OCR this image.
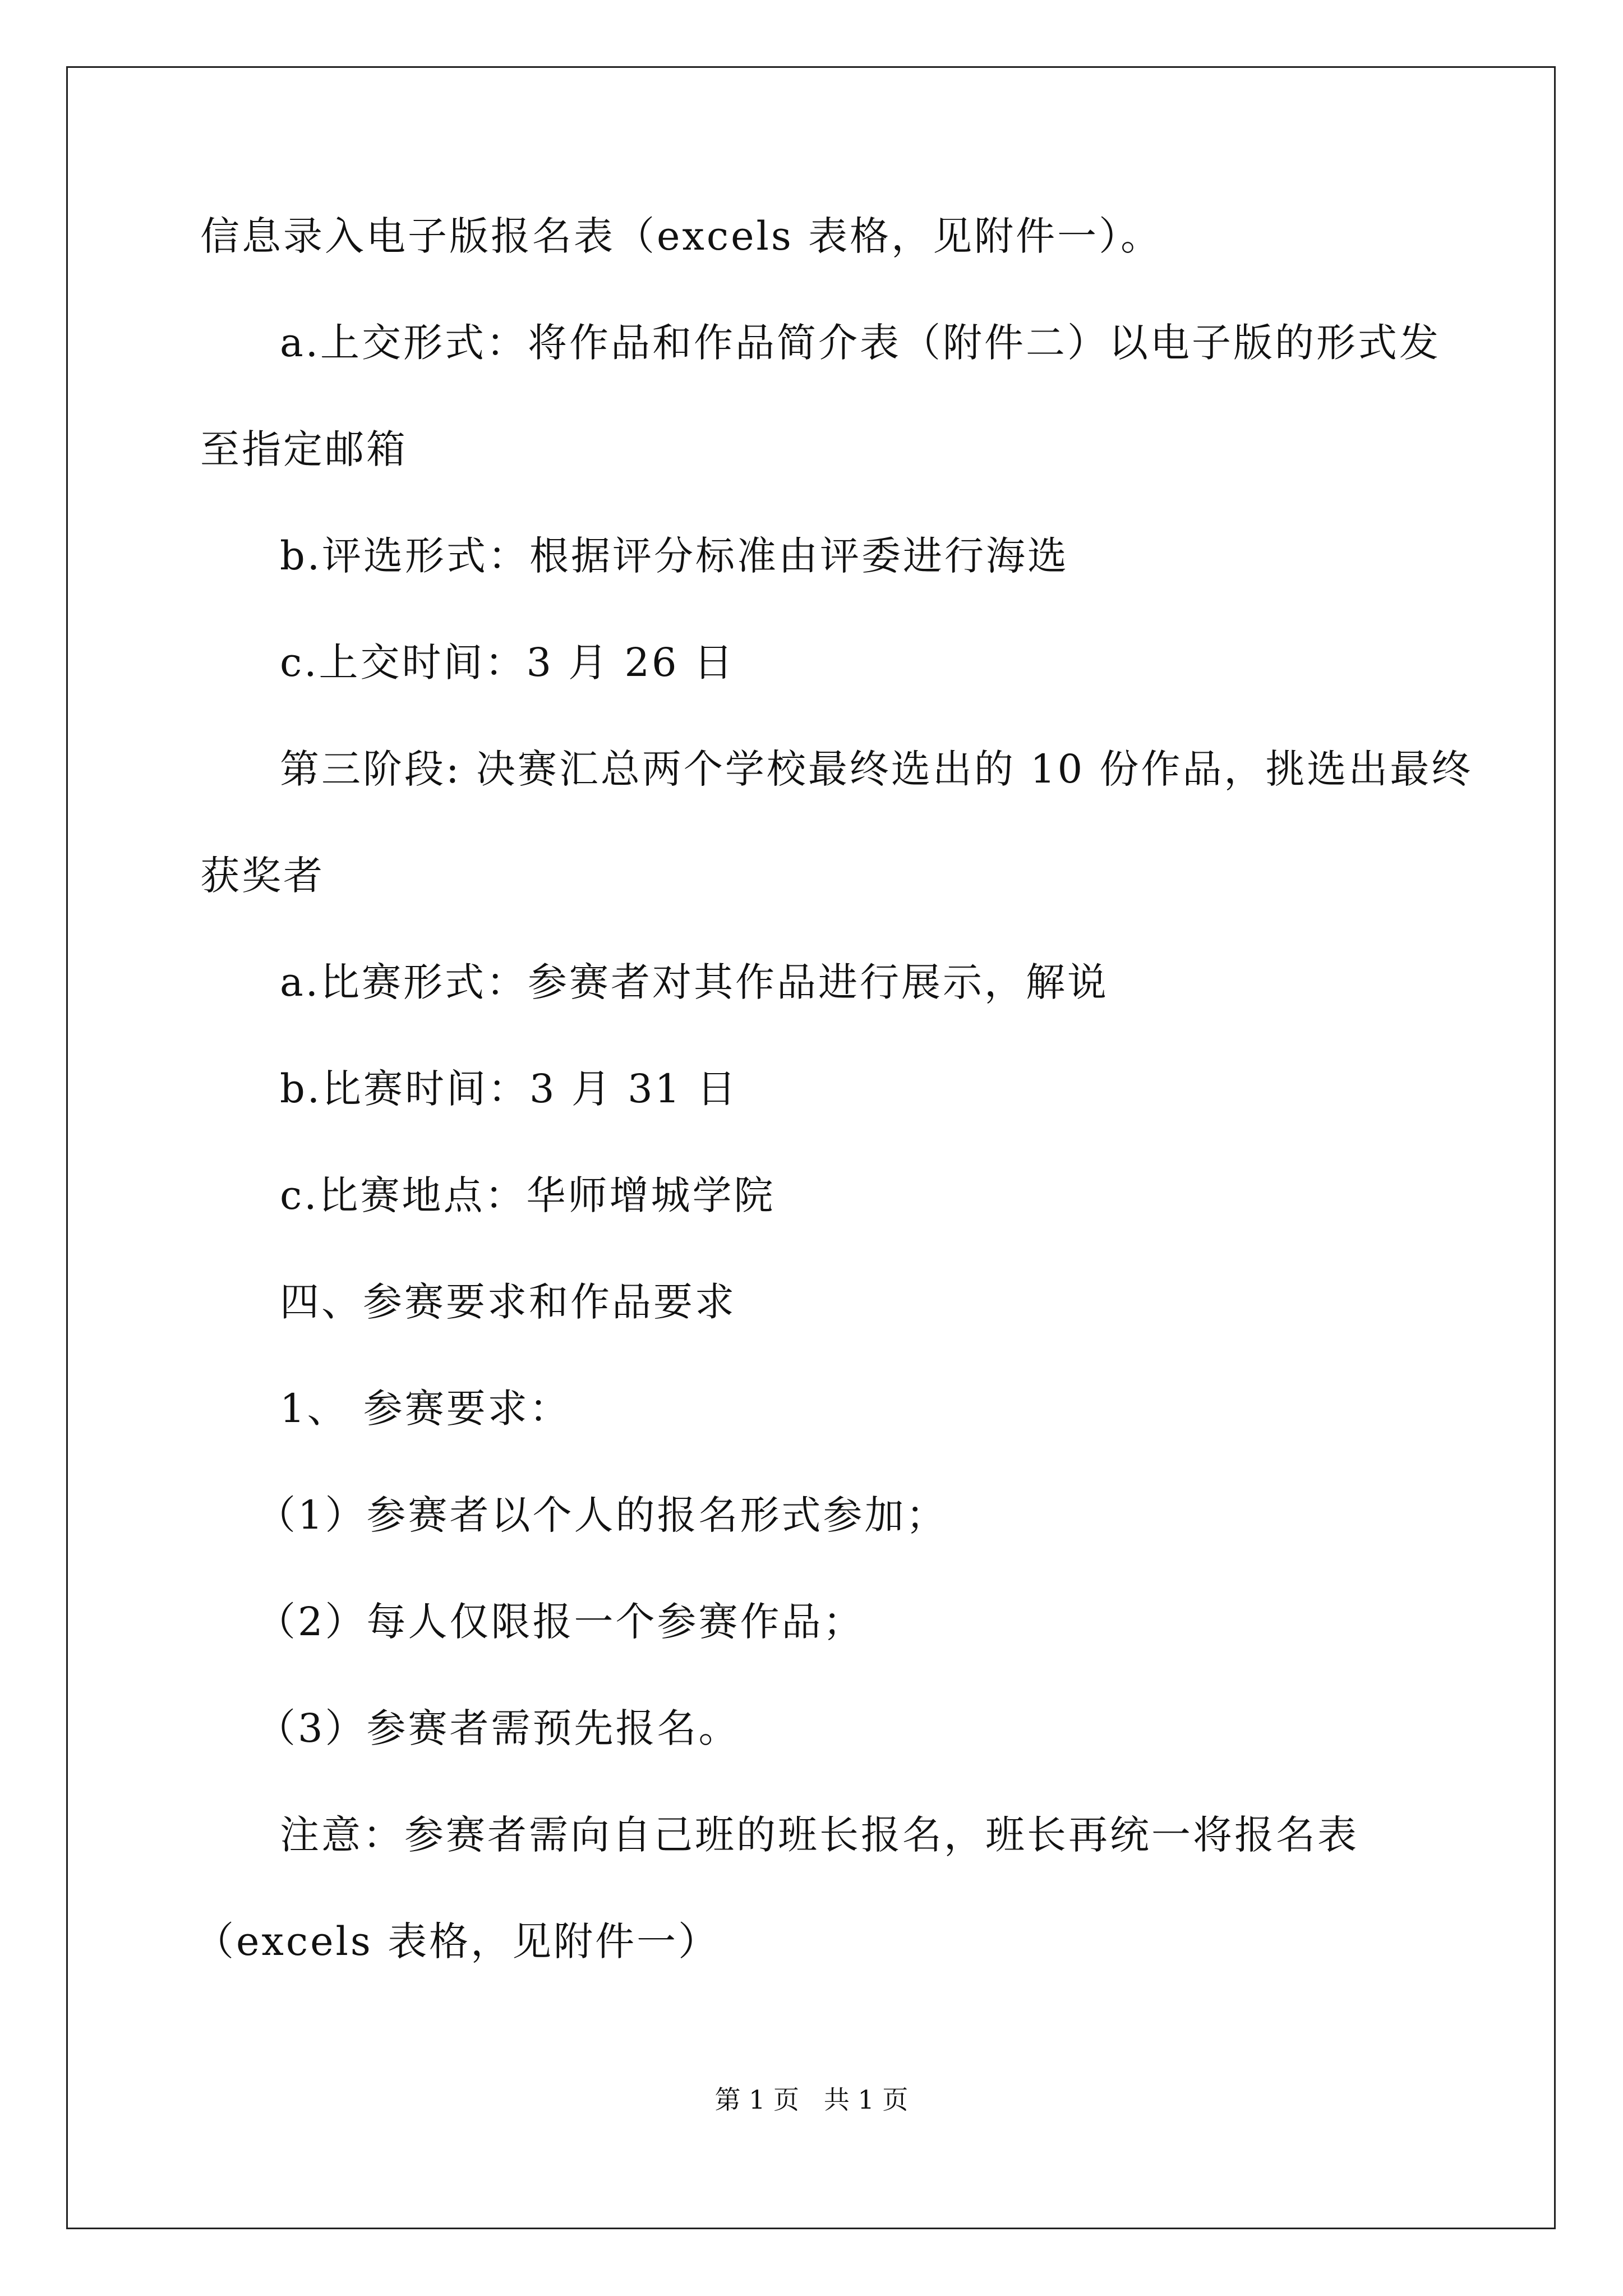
信息录入电子版报名表（excels 表格，见附件一）。
a.上交形式：将作品和作品简介表（附件二）以电子版的形式发
至指定邮箱
b.评选形式：根据评分标准由评委进行海选
c.上交时间：3 月 26 日
第三阶段: 决赛汇总两个学校最终选出的 10 份作品，挑选出最终
获奖者
a.比赛形式：参赛者对其作品进行展示，解说
b.比赛时间：3 月 31 日
c.比赛地点：华师增城学院
四、参赛要求和作品要求
1、 参赛要求：
（1）参赛者以个人的报名形式参加；
（2）每人仅限报一个参赛作品；
（3）参赛者需预先报名。
注意：参赛者需向自己班的班长报名，班长再统一将报名表
（excels 表格，见附件一）
第 1 页   共 1 页
